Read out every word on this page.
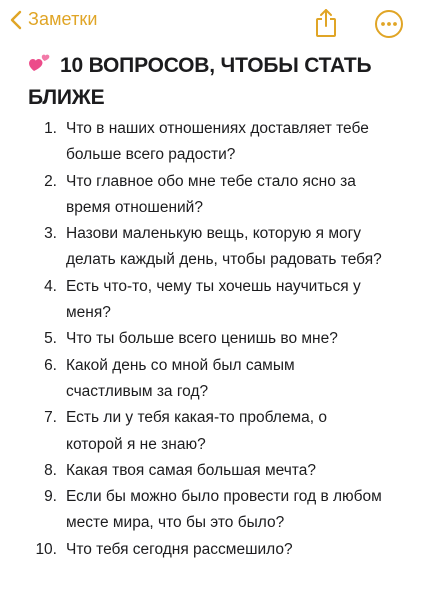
Заметки
10 ВОПРОСОВ, ЧТОБЫ СТАТЬ БЛИЖЕ
1. Что в наших отношениях доставляет тебе больше всего радости?
2. Что главное обо мне тебе стало ясно за время отношений?
3. Назови маленькую вещь, которую я могу делать каждый день, чтобы радовать тебя?
4. Есть что-то, чему ты хочешь научиться у меня?
5. Что ты больше всего ценишь во мне?
6. Какой день со мной был самым счастливым за год?
7. Есть ли у тебя какая-то проблема, о которой я не знаю?
8. Какая твоя самая большая мечта?
9. Если бы можно было провести год в любом месте мира, что бы это было?
10. Что тебя сегодня рассмешило?
